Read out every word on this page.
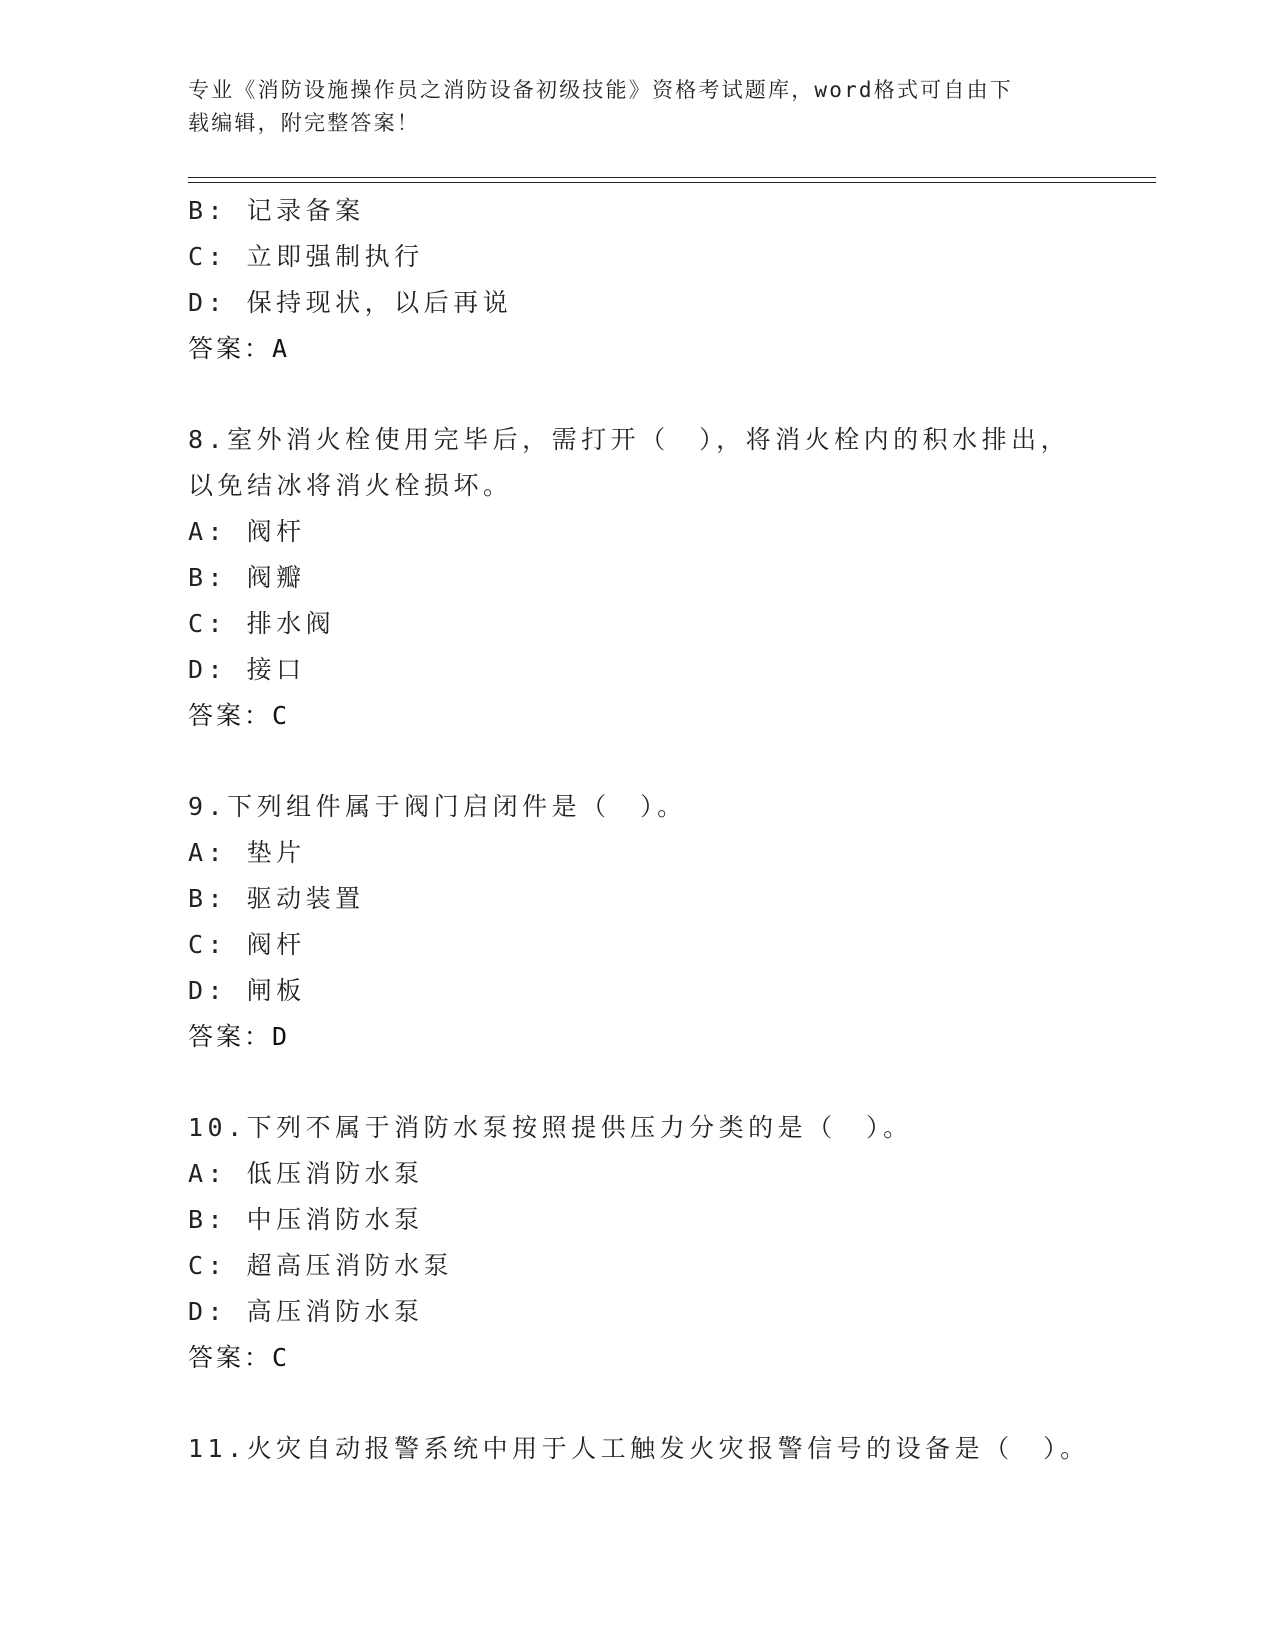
专业《消防设施操作员之消防设备初级技能》资格考试题库，word格式可自由下
载编辑，附完整答案！
B: 记录备案
C: 立即强制执行
D: 保持现状，以后再说
答案：A
8.室外消火栓使用完毕后，需打开（　），将消火栓内的积水排出，
以免结冰将消火栓损坏。
A: 阀杆
B: 阀瓣
C: 排水阀
D: 接口
答案：C
9.下列组件属于阀门启闭件是（　）。
A: 垫片
B: 驱动装置
C: 阀杆
D: 闸板
答案：D
10.下列不属于消防水泵按照提供压力分类的是（　）。
A: 低压消防水泵
B: 中压消防水泵
C: 超高压消防水泵
D: 高压消防水泵
答案：C
11.火灾自动报警系统中用于人工触发火灾报警信号的设备是（　）。
